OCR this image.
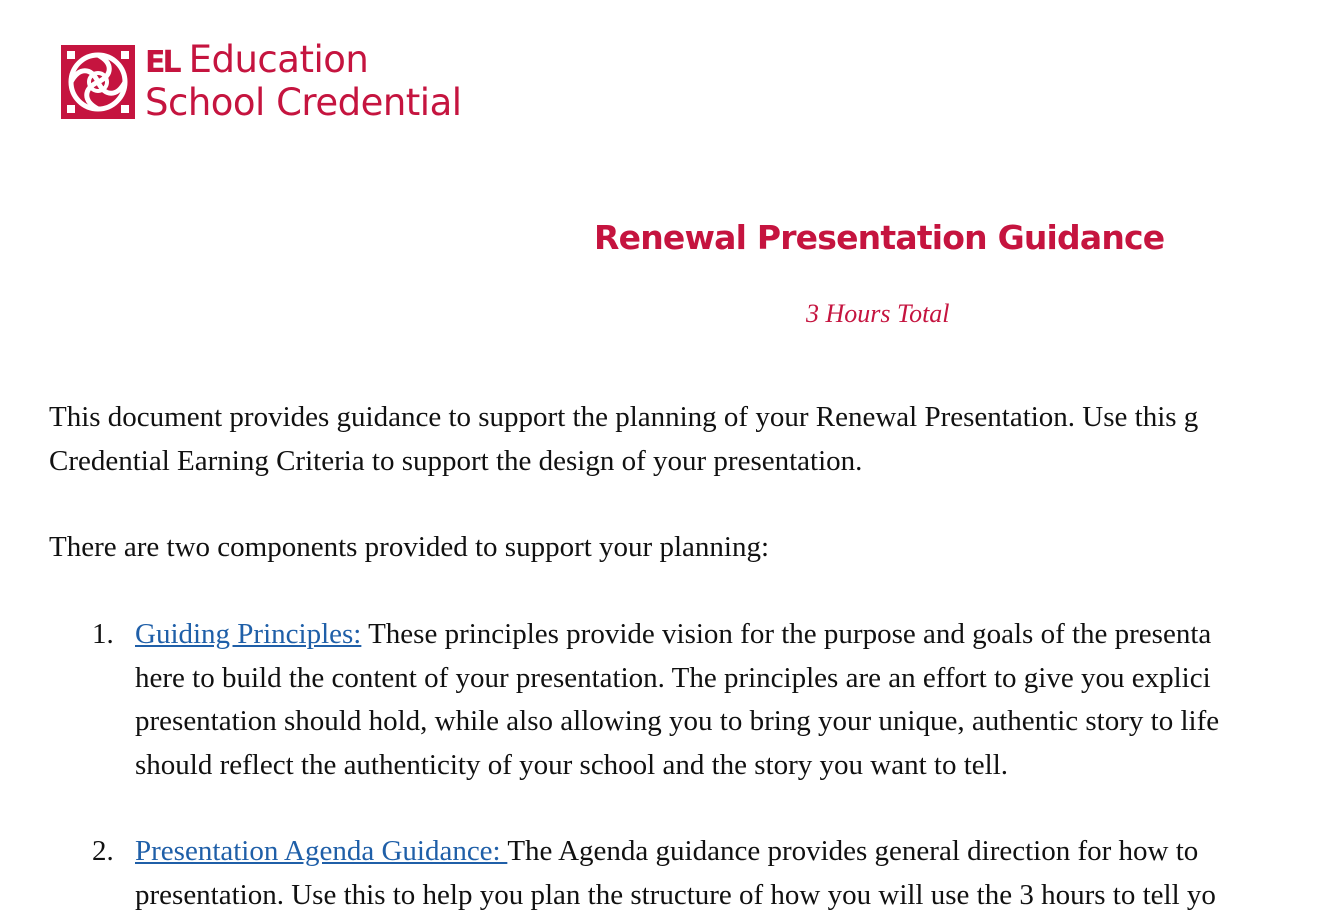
EL Education
School Credential
Renewal Presentation Guidance
3 Hours Total
This document provides guidance to support the planning of your Renewal Presentation. Use this g
Credential Earning Criteria to support the design of your presentation.
There are two components provided to support your planning:
1. Guiding Principles: These principles provide vision for the purpose and goals of the presenta
here to build the content of your presentation. The principles are an effort to give you explici
presentation should hold, while also allowing you to bring your unique, authentic story to life
should reflect the authenticity of your school and the story you want to tell.
2. Presentation Agenda Guidance: The Agenda guidance provides general direction for how to
presentation. Use this to help you plan the structure of how you will use the 3 hours to tell yo
